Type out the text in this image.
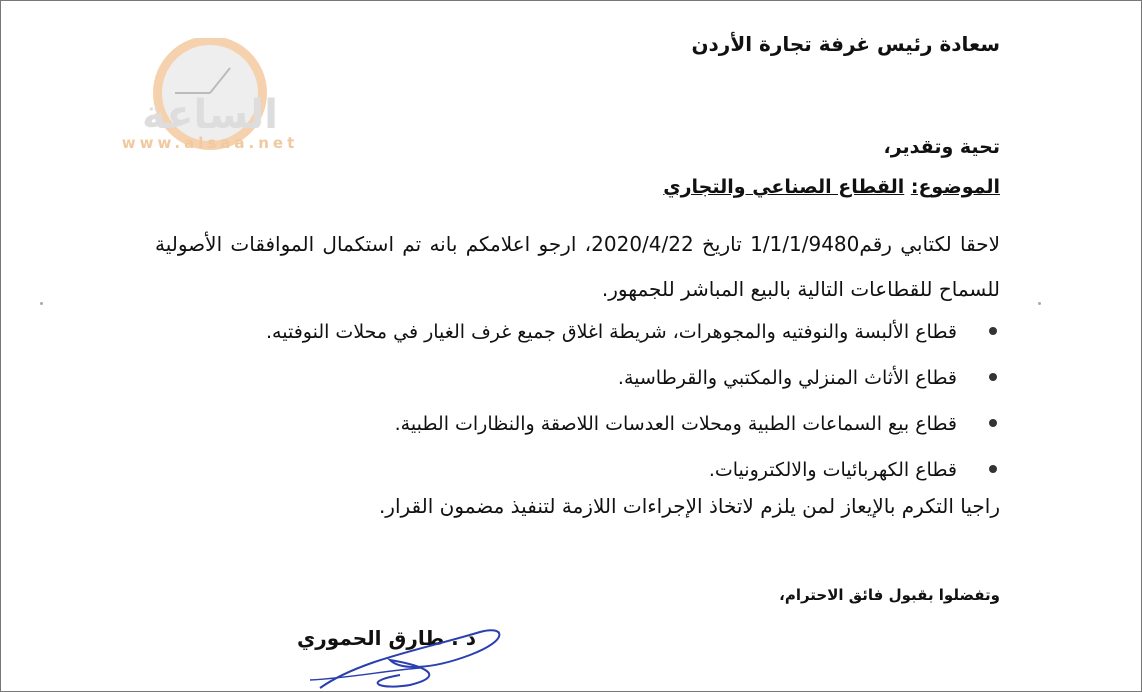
الساعة
www.alsaa.net
سعادة رئيس غرفة تجارة الأردن
تحية وتقدير،
الموضوع: القطاع الصناعي والتجاري
لاحقا لكتابي رقم1/1/1/9480 تاريخ 2020/4/22، ارجو اعلامكم بانه تم استكمال الموافقات الأصولية للسماح للقطاعات التالية بالبيع المباشر للجمهور.
قطاع الألبسة والنوفتيه والمجوهرات، شريطة اغلاق جميع غرف الغيار في محلات النوفتيه.
قطاع الأثاث المنزلي والمكتبي والقرطاسية.
قطاع بيع السماعات الطبية ومحلات العدسات اللاصقة والنظارات الطبية.
قطاع الكهربائيات والالكترونيات.
راجيا التكرم بالإيعاز لمن يلزم لاتخاذ الإجراءات اللازمة لتنفيذ مضمون القرار.
وتفضلوا بقبول فائق الاحترام،
د . طارق الحموري
